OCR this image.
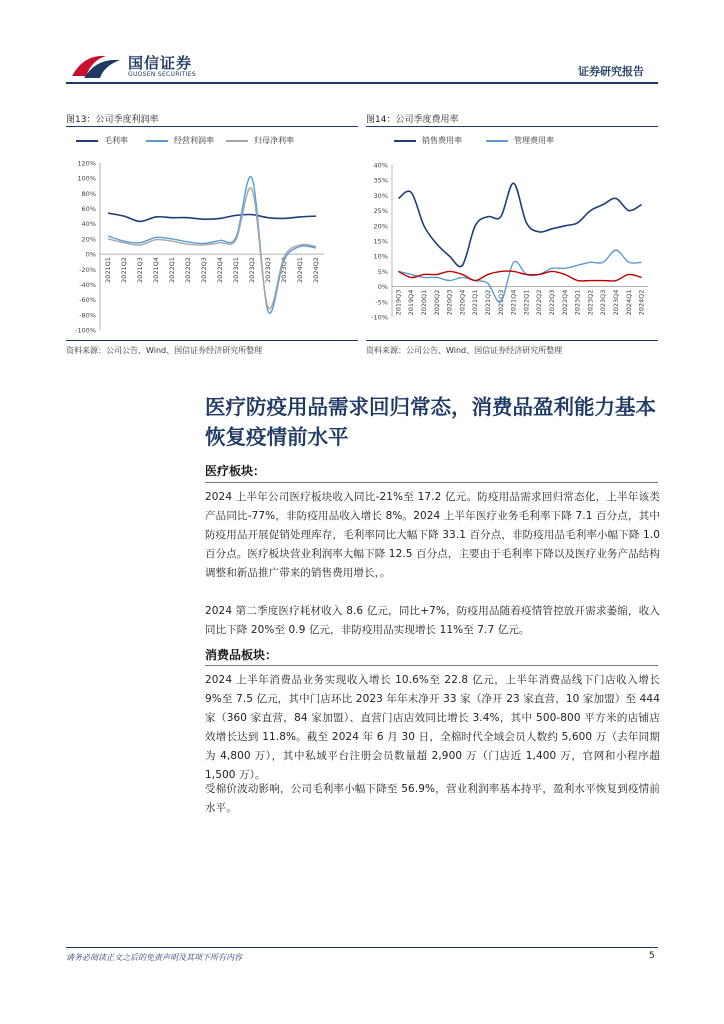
国信证券
GUOSEN SECURITIES	证券研究报告
图13：公司季度利润率
毛利率	经营利润率	归母净利率
120%
100%
80%
60%
40%
20%
0%
-20%
-40%
-60%
-80%
-100%
2021Q1 2021Q2 2021Q3 2021Q4 2022Q1 2022Q2 2022Q3 2022Q4 2023Q1 2023Q2 2023Q3 2023Q4 2024Q1 2024Q2
资料来源：公司公告、Wind、国信证券经济研究所整理
图14：公司季度费用率
销售费用率	管理费用率
40%
35%
30%
25%
20%
15%
10%
5%
0%
-5%
-10%
2019Q3 2019Q4 2020Q1 2020Q2 2020Q3 2020Q4 2021Q1 2021Q2 2021Q3 2021Q4 2022Q1 2022Q2 2022Q3 2022Q4 2023Q1 2023Q2 2023Q3 2023Q4 2024Q1 2024Q2
资料来源：公司公告、Wind、国信证券经济研究所整理
医疗防疫用品需求回归常态，消费品盈利能力基本恢复疫情前水平
医疗板块：
2024 上半年公司医疗板块收入同比-21%至 17.2 亿元。防疫用品需求回归常态化，上半年该类产品同比-77%，非防疫用品收入增长 8%。2024 上半年医疗业务毛利率下降 7.1 百分点，其中防疫用品开展促销处理库存，毛利率同比大幅下降 33.1 百分点，非防疫用品毛利率小幅下降 1.0 百分点。医疗板块营业利润率大幅下降 12.5 百分点，主要由于毛利率下降以及医疗业务产品结构调整和新品推广带来的销售费用增长，。
2024 第二季度医疗耗材收入 8.6 亿元，同比+7%，防疫用品随着疫情管控放开需求萎缩，收入同比下降 20%至 0.9 亿元，非防疫用品实现增长 11%至 7.7 亿元。
消费品板块：
2024 上半年消费品业务实现收入增长 10.6%至 22.8 亿元，上半年消费品线下门店收入增长 9%至 7.5 亿元，其中门店环比 2023 年年末净开 33 家（净开 23 家直营，10 家加盟）至 444 家（360 家直营，84 家加盟）、直营门店店效同比增长 3.4%，其中 500-800 平方米的店铺店效增长达到 11.8%。截至 2024 年 6 月 30 日，全棉时代全域会员人数约 5,600 万（去年同期为 4,800 万），其中私域平台注册会员数量超 2,900 万（门店近 1,400 万，官网和小程序超 1,500 万）。
受棉价波动影响，公司毛利率小幅下降至 56.9%，营业利润率基本持平，盈利水平恢复到疫情前水平。
请务必阅读正文之后的免责声明及其项下所有内容	5
